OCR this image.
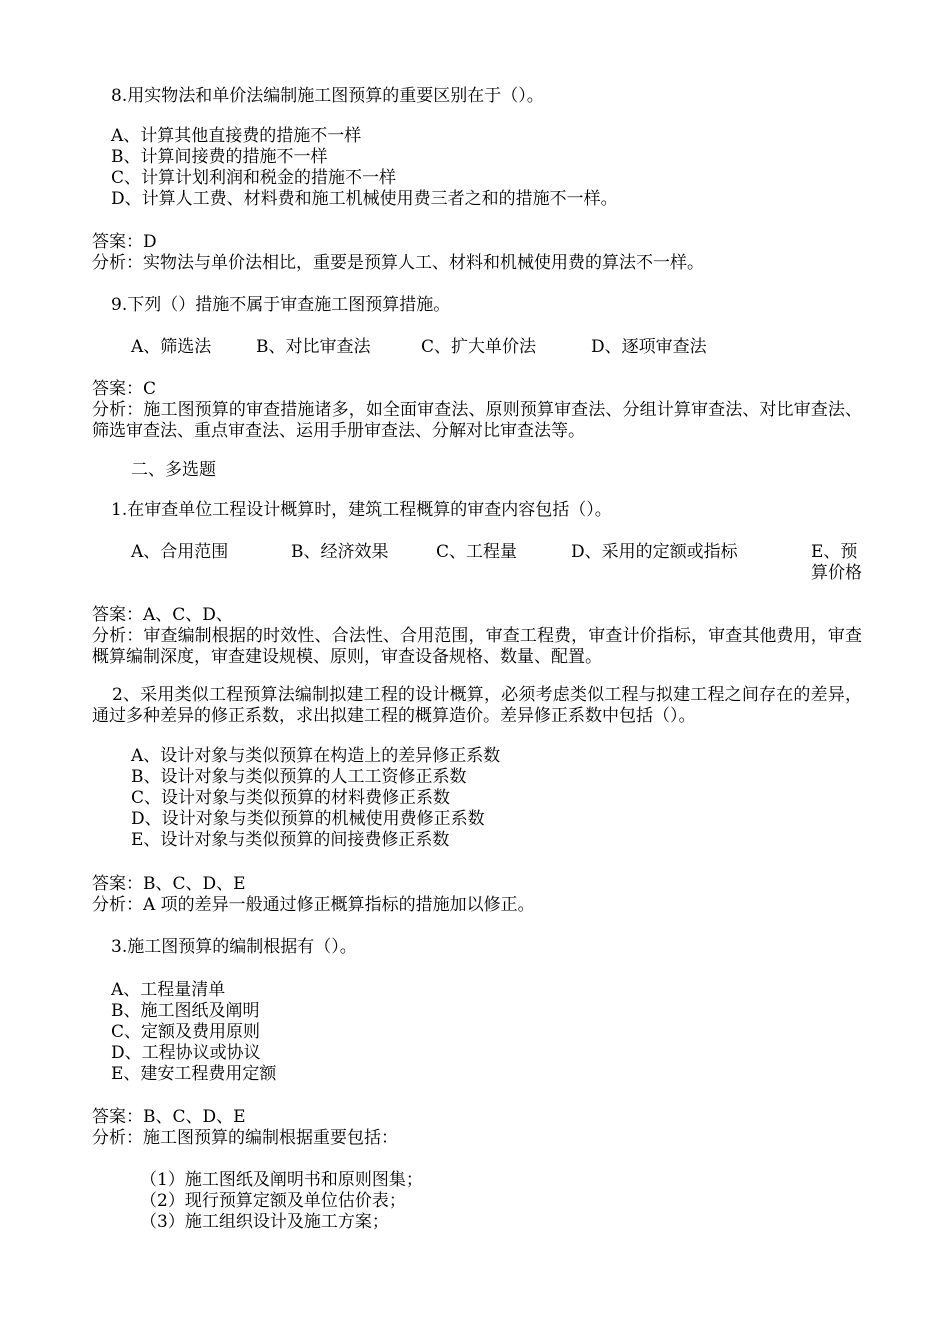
8.用实物法和单价法编制施工图预算的重要区别在于（）。
A、计算其他直接费的措施不一样
B、计算间接费的措施不一样
C、计算计划利润和税金的措施不一样
D、计算人工费、材料费和施工机械使用费三者之和的措施不一样。
答案：D
分析：实物法与单价法相比，重要是预算人工、材料和机械使用费的算法不一样。
9.下列（）措施不属于审查施工图预算措施。
A、筛选法	B、对比审查法	C、扩大单价法	D、逐项审查法
答案：C
分析：施工图预算的审查措施诸多，如全面审查法、原则预算审查法、分组计算审查法、对比审查法、筛选审查法、重点审查法、运用手册审查法、分解对比审查法等。
二、多选题
1.在审查单位工程设计概算时，建筑工程概算的审查内容包括（）。
A、合用范围	B、经济效果	C、工程量	D、采用的定额或指标	E、预算价格
答案：A、C、D、
分析：审查编制根据的时效性、合法性、合用范围，审查工程费，审查计价指标，审查其他费用，审查概算编制深度，审查建设规模、原则，审查设备规格、数量、配置。
2、采用类似工程预算法编制拟建工程的设计概算，必须考虑类似工程与拟建工程之间存在的差异，通过多种差异的修正系数，求出拟建工程的概算造价。差异修正系数中包括（）。
A、设计对象与类似预算在构造上的差异修正系数
B、设计对象与类似预算的人工工资修正系数
C、设计对象与类似预算的材料费修正系数
D、设计对象与类似预算的机械使用费修正系数
E、设计对象与类似预算的间接费修正系数
答案：B、C、D、E
分析：A 项的差异一般通过修正概算指标的措施加以修正。
3.施工图预算的编制根据有（）。
A、工程量清单
B、施工图纸及阐明
C、定额及费用原则
D、工程协议或协议
E、建安工程费用定额
答案：B、C、D、E
分析：施工图预算的编制根据重要包括：
（1）施工图纸及阐明书和原则图集；
（2）现行预算定额及单位估价表；
（3）施工组织设计及施工方案；
